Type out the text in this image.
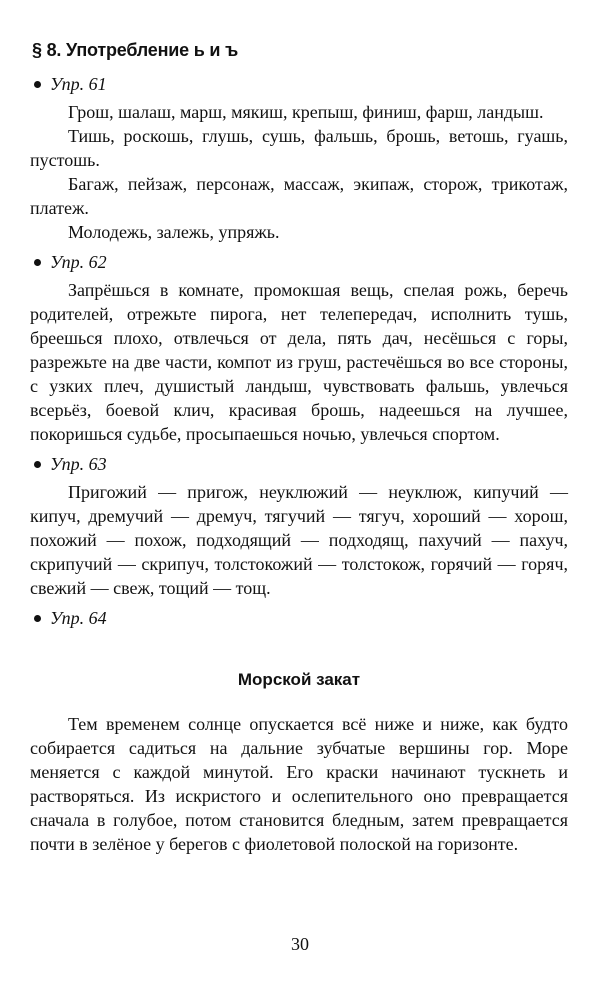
§ 8. Употребление ь и ъ
Упр. 61

Грош, шалаш, марш, мякиш, крепыш, финиш, фарш, ландыш.

Тишь, роскошь, глушь, сушь, фальшь, брошь, ветошь, гуашь, пустошь.

Багаж, пейзаж, персонаж, массаж, экипаж, сторож, трикотаж, платеж.

Молодежь, залежь, упряжь.

Упр. 62

Запрёшься в комнате, промокшая вещь, спелая рожь, беречь родителей, отрежьте пирога, нет телепередач, исполнить тушь, бреешься плохо, отвлечься от дела, пять дач, несёшься с горы, разрежьте на две части, компот из груш, растечёшься во все стороны, с узких плеч, душистый ландыш, чувствовать фальшь, увлечься всерьёз, боевой клич, красивая брошь, надеешься на лучшее, покоришься судьбе, просыпаешься ночью, увлечься спортом.

Упр. 63

Пригожий — пригож, неуклюжий — неуклюж, кипучий — кипуч, дремучий — дремуч, тягучий — тягуч, хороший — хорош, похожий — похож, подходящий — подходящ, пахучий — пахуч, скрипучий — скрипуч, толстокожий — толстокож, горячий — горяч, свежий — свеж, тощий — тощ.

Упр. 64
Морской закат

Тем временем солнце опускается всё ниже и ниже, как будто собирается садиться на дальние зубчатые вершины гор. Море меняется с каждой минутой. Его краски начинают тускнеть и растворяться. Из искристого и ослепительного оно превращается сначала в голубое, потом становится бледным, затем превращается почти в зелёное у берегов с фиолетовой полоской на горизонте.

30
